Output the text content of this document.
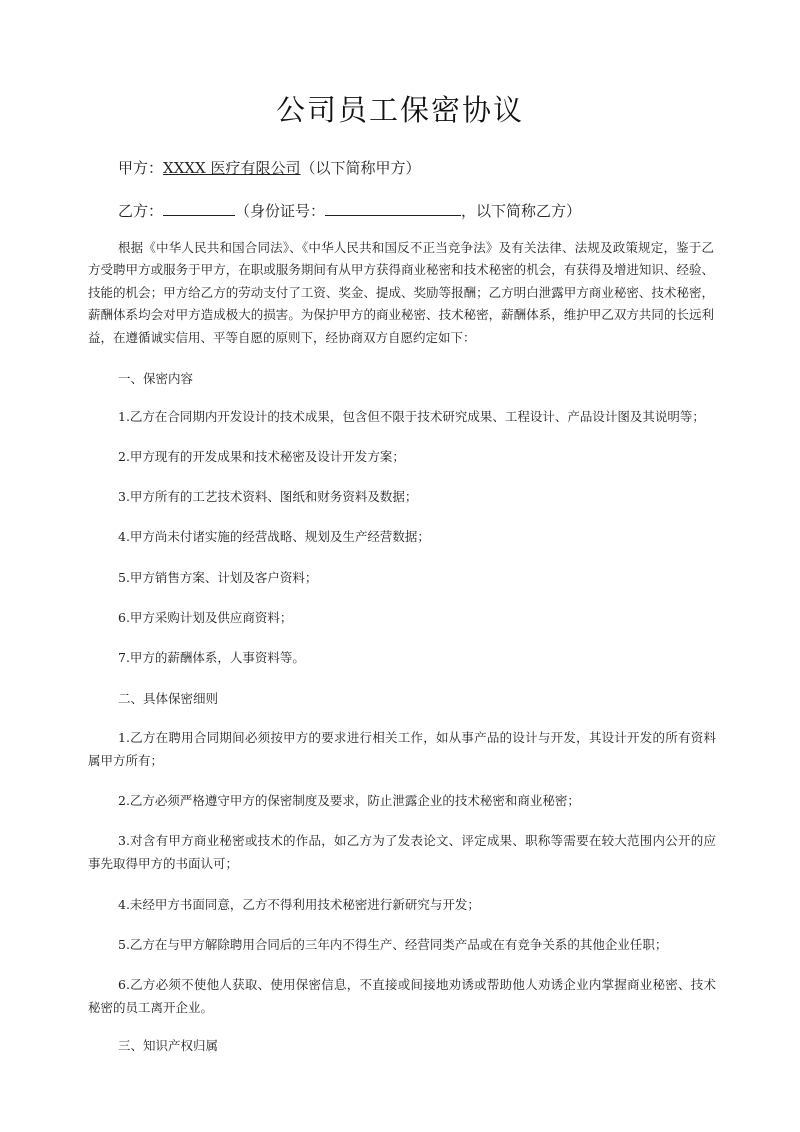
公司员工保密协议
甲方：XXXX 医疗有限公司（以下简称甲方）
乙方：	（身份证号：	，以下简称乙方）
根据《中华人民共和国合同法》、《中华人民共和国反不正当竞争法》及有关法律、法规及政策规定，鉴于乙方受聘甲方或服务于甲方，在职或服务期间有从甲方获得商业秘密和技术秘密的机会，有获得及增进知识、经验、技能的机会；甲方给乙方的劳动支付了工资、奖金、提成、奖励等报酬；乙方明白泄露甲方商业秘密、技术秘密，薪酬体系均会对甲方造成极大的损害。为保护甲方的商业秘密、技术秘密，薪酬体系，维护甲乙双方共同的长远利益，在遵循诚实信用、平等自愿的原则下，经协商双方自愿约定如下：
一、保密内容
1.乙方在合同期内开发设计的技术成果，包含但不限于技术研究成果、工程设计、产品设计图及其说明等；
2.甲方现有的开发成果和技术秘密及设计开发方案；
3.甲方所有的工艺技术资料、图纸和财务资料及数据；
4.甲方尚未付诸实施的经营战略、规划及生产经营数据；
5.甲方销售方案、计划及客户资料；
6.甲方采购计划及供应商资料；
7.甲方的薪酬体系，人事资料等。
二、具体保密细则
1.乙方在聘用合同期间必须按甲方的要求进行相关工作，如从事产品的设计与开发，其设计开发的所有资料属甲方所有；
2.乙方必须严格遵守甲方的保密制度及要求，防止泄露企业的技术秘密和商业秘密；
3.对含有甲方商业秘密或技术的作品，如乙方为了发表论文、评定成果、职称等需要在较大范围内公开的应事先取得甲方的书面认可；
4.未经甲方书面同意，乙方不得利用技术秘密进行新研究与开发；
5.乙方在与甲方解除聘用合同后的三年内不得生产、经营同类产品或在有竞争关系的其他企业任职；
6.乙方必须不使他人获取、使用保密信息，不直接或间接地劝诱或帮助他人劝诱企业内掌握商业秘密、技术秘密的员工离开企业。
三、知识产权归属
